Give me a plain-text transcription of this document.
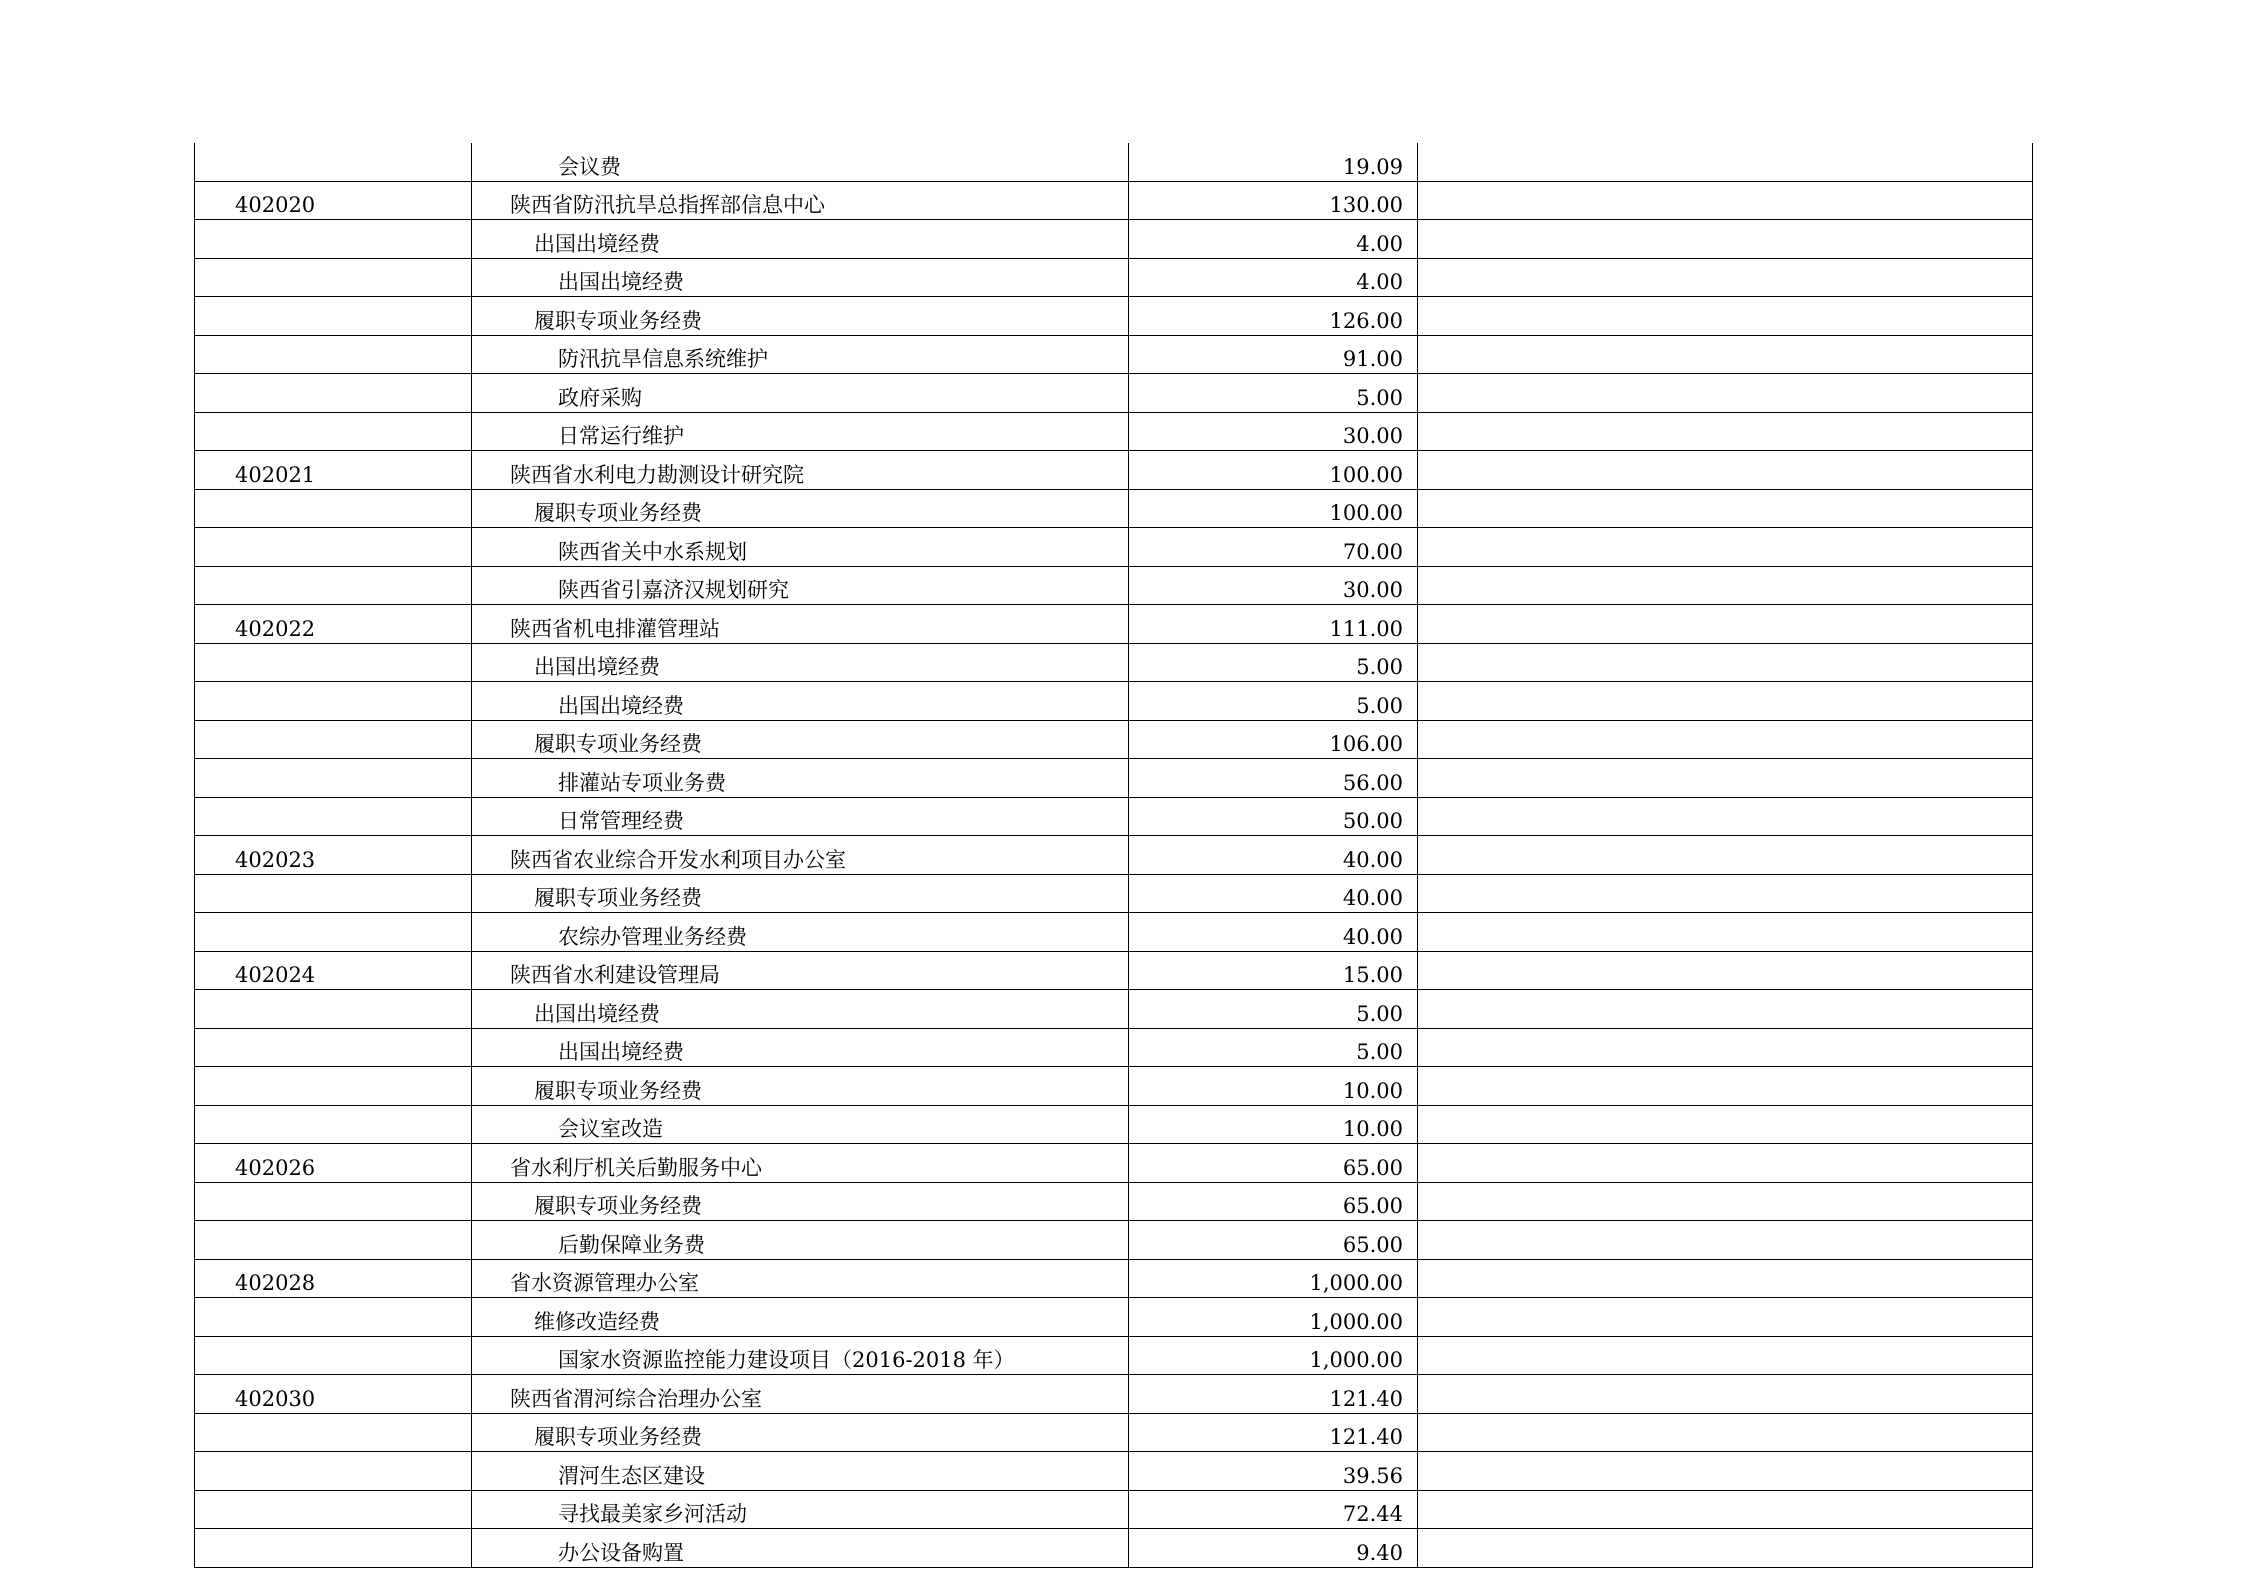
	会议费	19.09	
402020	陕西省防汛抗旱总指挥部信息中心	130.00	
	出国出境经费	4.00	
	出国出境经费	4.00	
	履职专项业务经费	126.00	
	防汛抗旱信息系统维护	91.00	
	政府采购	5.00	
	日常运行维护	30.00	
402021	陕西省水利电力勘测设计研究院	100.00	
	履职专项业务经费	100.00	
	陕西省关中水系规划	70.00	
	陕西省引嘉济汉规划研究	30.00	
402022	陕西省机电排灌管理站	111.00	
	出国出境经费	5.00	
	出国出境经费	5.00	
	履职专项业务经费	106.00	
	排灌站专项业务费	56.00	
	日常管理经费	50.00	
402023	陕西省农业综合开发水利项目办公室	40.00	
	履职专项业务经费	40.00	
	农综办管理业务经费	40.00	
402024	陕西省水利建设管理局	15.00	
	出国出境经费	5.00	
	出国出境经费	5.00	
	履职专项业务经费	10.00	
	会议室改造	10.00	
402026	省水利厅机关后勤服务中心	65.00	
	履职专项业务经费	65.00	
	后勤保障业务费	65.00	
402028	省水资源管理办公室	1,000.00	
	维修改造经费	1,000.00	
	国家水资源监控能力建设项目（2016-2018 年）	1,000.00	
402030	陕西省渭河综合治理办公室	121.40	
	履职专项业务经费	121.40	
	渭河生态区建设	39.56	
	寻找最美家乡河活动	72.44	
	办公设备购置	9.40	
